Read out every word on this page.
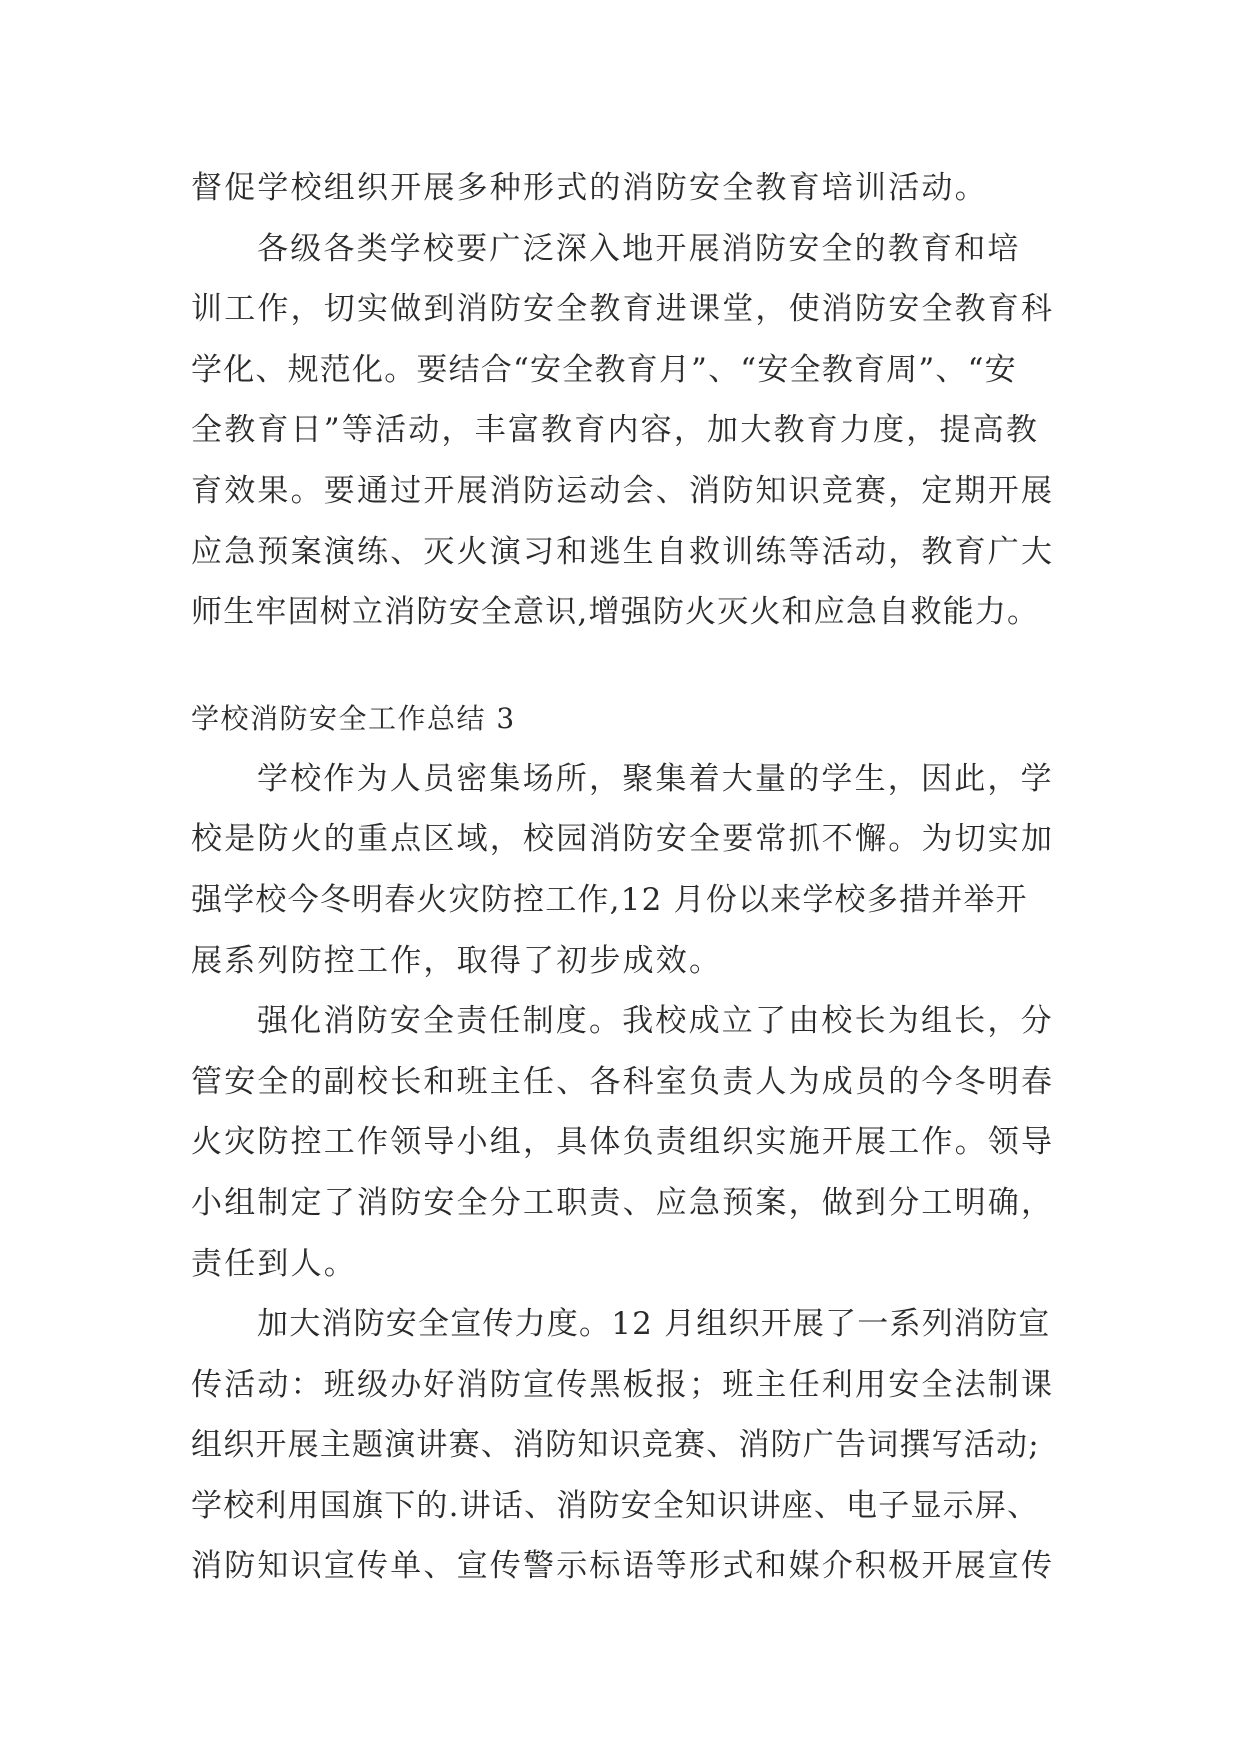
督促学校组织开展多种形式的消防安全教育培训活动。
各级各类学校要广泛深入地开展消防安全的教育和培
训工作，切实做到消防安全教育进课堂，使消防安全教育科
学化、规范化。要结合“安全教育月”、“安全教育周”、“安
全教育日”等活动，丰富教育内容，加大教育力度，提高教
育效果。要通过开展消防运动会、消防知识竞赛，定期开展
应急预案演练、灭火演习和逃生自救训练等活动，教育广大
师生牢固树立消防安全意识,增强防火灭火和应急自救能力。
学校消防安全工作总结 3
学校作为人员密集场所，聚集着大量的学生，因此，学
校是防火的重点区域，校园消防安全要常抓不懈。为切实加
强学校今冬明春火灾防控工作,12 月份以来学校多措并举开
展系列防控工作，取得了初步成效。
强化消防安全责任制度。我校成立了由校长为组长，分
管安全的副校长和班主任、各科室负责人为成员的今冬明春
火灾防控工作领导小组，具体负责组织实施开展工作。领导
小组制定了消防安全分工职责、应急预案，做到分工明确，
责任到人。
加大消防安全宣传力度。12 月组织开展了一系列消防宣
传活动：班级办好消防宣传黑板报；班主任利用安全法制课
组织开展主题演讲赛、消防知识竞赛、消防广告词撰写活动;
学校利用国旗下的.讲话、消防安全知识讲座、电子显示屏、
消防知识宣传单、宣传警示标语等形式和媒介积极开展宣传
